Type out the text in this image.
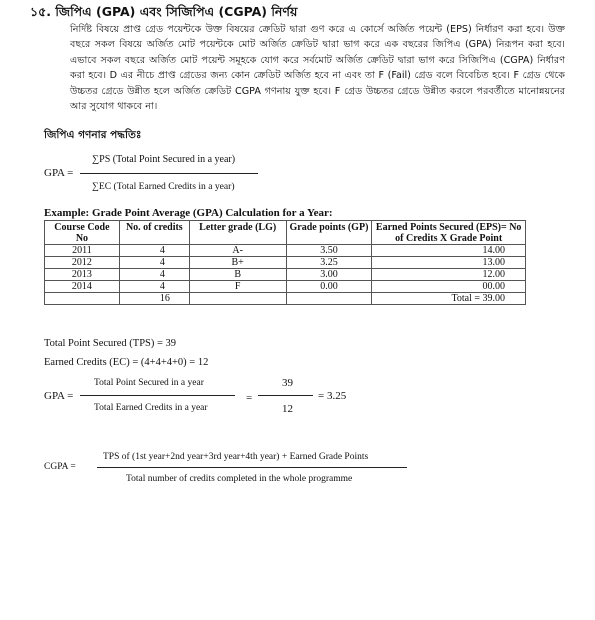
১৫. জিপিএ (GPA) এবং সিজিপিএ (CGPA) নির্ণয়
নির্দিষ্ট বিষয়ে প্রাপ্ত গ্রেড পয়েন্টকে উক্ত বিষয়ের ক্রেডিট দ্বারা গুণ করে এ কোর্সে অর্জিত পয়েন্ট (EPS) নির্ধারণ করা হবে। উক্ত বছরে সকল বিষয়ে অর্জিত মোট পয়েন্টকে মোট অর্জিত ক্রেডিট দ্বারা ভাগ করে এক বছরের জিপিএ (GPA) নিরূপন করা হবে। এভাবে সকল বছরে অর্জিত মোট পয়েন্ট সমূহকে যোগ করে সর্বমোট অর্জিত ক্রেডিট দ্বারা ভাগ করে সিজিপিএ (CGPA) নির্ধারণ করা হবে। D এর নীচে প্রাপ্ত গ্রেডের জন্য কোন ক্রেডিট অর্জিত হবে না এবং তা F (Fail) গ্রেড বলে বিবেচিত হবে। F গ্রেড থেকে উচ্চতর গ্রেডে উন্নীত হলে অর্জিত ক্রেডিট CGPA গণনায় যুক্ত হবে। F গ্রেড উচ্চতর গ্রেডে উন্নীত করলে পরবর্তীতে মানোন্নয়নের আর সুযোগ থাকবে না।
জিপিএ গণনার পদ্ধতিঃ
GPA =
∑PS (Total Point Secured in a year)
∑EC (Total Earned Credits in a year)
Example: Grade Point Average (GPA) Calculation for a Year:
Course Code No	No. of credits	Letter grade (LG)	Grade points (GP)	Earned Points Secured (EPS)= No of Credits X Grade Point
2011	4	A-	3.50	14.00
2012	4	B+	3.25	13.00
2013	4	B	3.00	12.00
2014	4	F	0.00	00.00
	16			Total = 39.00
Total Point Secured (TPS) = 39
Earned Credits (EC) = (4+4+4+0) = 12
GPA =
Total Point Secured in a year
Total Earned Credits in a year
=
39
12
= 3.25
CGPA =
TPS of (1st year+2nd year+3rd year+4th year) + Earned Grade Points
Total number of credits completed in the whole programme
